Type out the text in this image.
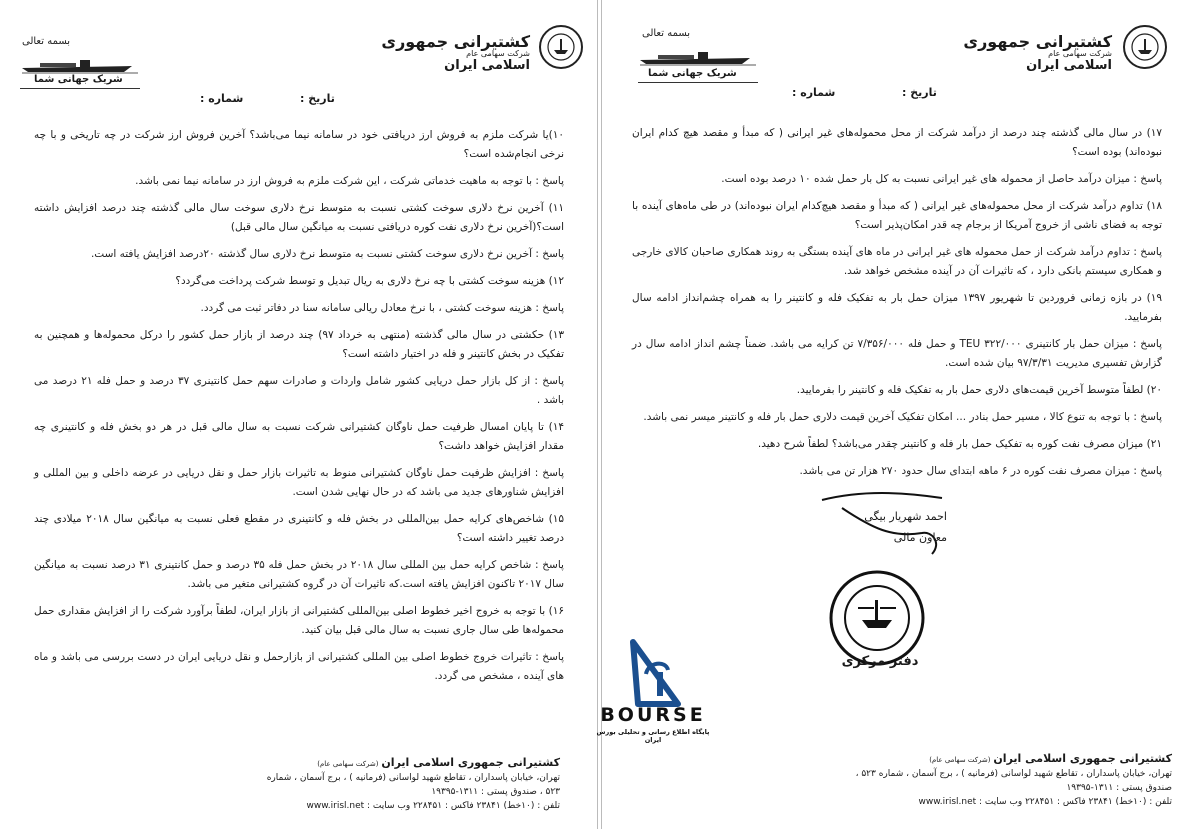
بسمه تعالی
شریک جهانی شما
کشتیرانی جمهوری
شرکت سهامی عام
اسلامی ایران
تاریخ :
شماره :

۱۰)یا شرکت ملزم به فروش ارز دریافتی خود در سامانه نیما می‌باشد؟ آخرین فروش ارز شرکت در چه تاریخی و با چه نرخی انجام‌شده است؟

پاسخ : با توجه به ماهیت خدماتی شرکت ، این شرکت ملزم به فروش ارز در سامانه نیما نمی باشد.

۱۱) آخرین نرخ دلاری سوخت کشتی نسبت به متوسط نرخ دلاری سوخت سال مالی گذشته چند درصد افزایش داشته است؟(آخرین نرخ دلاری نفت کوره دریافتی نسبت به میانگین سال مالی قبل)

پاسخ : آخرین نرخ دلاری سوخت کشتی نسبت به متوسط نرخ دلاری سال گذشته ۲۰درصد افزایش یافته است.

۱۲) هزینه سوخت کشتی با چه نرخ دلاری به ریال تبدیل و توسط شرکت پرداخت می‌گردد؟

پاسخ : هزینه سوخت کشتی ، با نرخ معادل ریالی سامانه سنا در دفاتر ثبت می گردد.

۱۳) حکشتی در سال مالی گذشته (منتهی به خرداد ۹۷) چند درصد از بازار حمل کشور را درکل محموله‌ها و همچنین به تفکیک در بخش کانتینر و فله در اختیار داشته است؟

پاسخ : از کل بازار حمل دریایی کشور شامل واردات و صادرات سهم حمل کانتینری ۳۷ درصد و حمل فله ۲۱ درصد می باشد .

۱۴) تا پایان امسال ظرفیت حمل ناوگان کشتیرانی شرکت نسبت به سال مالی قبل در هر دو بخش فله و کانتینری چه مقدار افزایش خواهد داشت؟

پاسخ : افزایش ظرفیت حمل ناوگان کشتیرانی منوط به تاثیرات بازار حمل و نقل دریایی در عرضه داخلی و بین المللی و افزایش شناورهای جدید می باشد که در حال نهایی شدن است.

۱۵) شاخص‌های کرایه حمل بین‌المللی در بخش فله و کانتینری در مقطع فعلی نسبت به میانگین سال ۲۰۱۸ میلادی چند درصد تغییر داشته است؟

پاسخ : شاخص کرایه حمل بین المللی سال ۲۰۱۸ در بخش حمل فله ۳۵ درصد و حمل کانتینری ۳۱ درصد نسبت به میانگین سال ۲۰۱۷ تاکنون افزایش یافته است.که تاثیرات آن در گروه کشتیرانی متغیر می باشد.

۱۶) با توجه به خروج اخیر خطوط اصلی بین‌المللی کشتیرانی از بازار ایران، لطفاً برآورد شرکت را از افزایش مقداری حمل محموله‌ها طی سال جاری نسبت به سال مالی قبل بیان کنید.

پاسخ : تاثیرات خروج خطوط اصلی بین المللی کشتیرانی از بازارحمل و نقل دریایی ایران در دست بررسی می باشد و ماه های آینده ، مشخص می گردد.

کشتیرانی جمهوری اسلامی ایران (شرکت سهامی عام)
تهران، خیابان پاسداران ، تقاطع شهید لواسانی (فرمانیه ) ، برج آسمان ، شماره ۵۲۳ ، صندوق پستی : ۱۳۱۱-۱۹۳۹۵
تلفن : (۱۰خط) ۲۳۸۴۱ فاکس : ۲۲۸۴۵۱ وب سایت : www.irisl.net
بسمه تعالی
شریک جهانی شما
کشتیرانی جمهوری
شرکت سهامی عام
اسلامی ایران
تاریخ :
شماره :

۱۷) در سال مالی گذشته چند درصد از درآمد شرکت از محل محموله‌های غیر ایرانی ( که مبدأ و مقصد هیچ کدام ایران نبوده‌اند) بوده است؟

پاسخ : میزان درآمد حاصل از محموله های غیر ایرانی نسبت به کل بار حمل شده ۱۰ درصد بوده است.

۱۸) تداوم درآمد شرکت از محل محموله‌های غیر ایرانی ( که مبدأ و مقصد هیچ‌کدام ایران نبوده‌اند) در طی ماه‌های آینده با توجه به فضای ناشی از خروج آمریکا از برجام چه قدر امکان‌پذیر است؟

پاسخ : تداوم درآمد شرکت از حمل محموله های غیر ایرانی در ماه های آینده بستگی به روند همکاری صاحبان کالای خارجی و همکاری سیستم بانکی دارد ، که تاثیرات آن در آینده مشخص خواهد شد.

۱۹) در بازه زمانی فروردین تا شهریور ۱۳۹۷ میزان حمل بار به تفکیک فله و کانتینر را به همراه چشم‌انداز ادامه سال بفرمایید.

پاسخ : میزان حمل بار کانتینری TEU ۳۲۲/۰۰۰ و حمل فله ۷/۳۵۶/۰۰۰ تن کرایه می باشد. ضمناً چشم انداز ادامه سال در گزارش تفسیری مدیریت ۹۷/۳/۳۱ بیان شده است.

۲۰) لطفاً متوسط آخرین قیمت‌های دلاری حمل بار به تفکیک فله و کانتینر را بفرمایید.

پاسخ : با توجه به تنوع کالا ، مسیر حمل بنادر ... امکان تفکیک آخرین قیمت دلاری حمل بار فله و کانتینر میسر نمی باشد.

۲۱) میزان مصرف نفت کوره به تفکیک حمل بار فله و کانتینر چقدر می‌باشد؟ لطفاً شرح دهید.

پاسخ : میزان مصرف نفت کوره در ۶ ماهه ابتدای سال حدود ۲۷۰ هزار تن می باشد.

احمد شهریار بیگی
معاون مالی
دفتر مرکزی
کشتیرانی جمهوری اسلامی ایران (شرکت سهامی عام)
تهران، خیابان پاسداران ، تقاطع شهید لواسانی (فرمانیه ) ، برج آسمان ، شماره ۵۲۳ ، صندوق پستی : ۱۳۱۱-۱۹۳۹۵
تلفن : (۱۰خط) ۲۳۸۴۱ فاکس : ۲۲۸۴۵۱ وب سایت : www.irisl.net
BOURSE
پایگاه اطلاع رسانی و تحلیلی بورس ایران
